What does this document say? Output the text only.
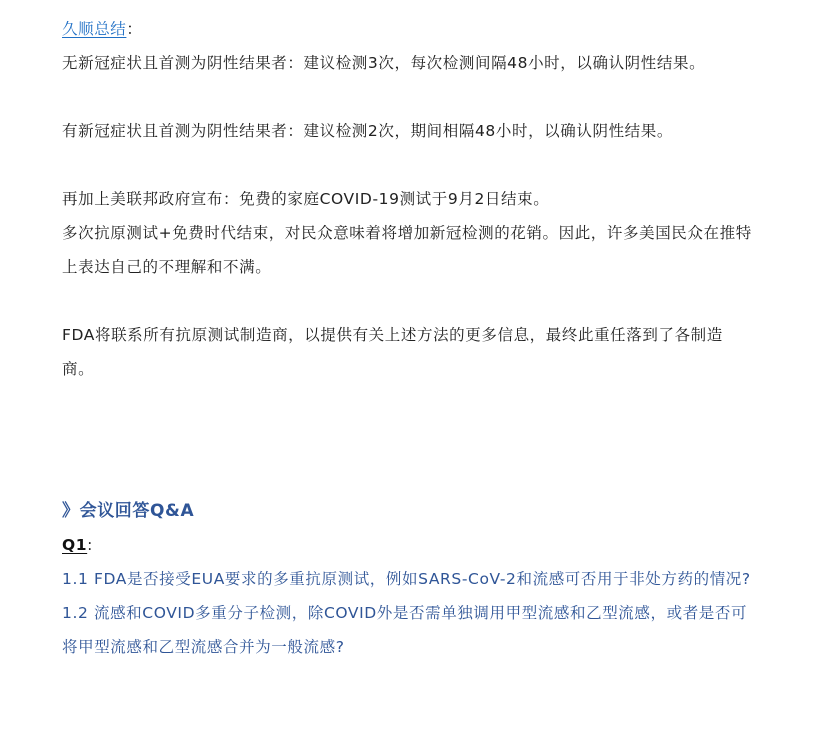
久顺总结：

无新冠症状且首测为阴性结果者：建议检测3次，每次检测间隔48小时，以确认阴性结果。

有新冠症状且首测为阴性结果者：建议检测2次，期间相隔48小时，以确认阴性结果。

再加上美联邦政府宣布：免费的家庭COVID-19测试于9月2日结束。

多次抗原测试+免费时代结束，对民众意味着将增加新冠检测的花销。因此，许多美国民众在推特上表达自己的不理解和不满。

FDA将联系所有抗原测试制造商，以提供有关上述方法的更多信息，最终此重任落到了各制造商。

》会议回答Q&A

Q1:

1.1 FDA是否接受EUA要求的多重抗原测试，例如SARS-CoV-2和流感可否用于非处方药的情况?

1.2 流感和COVID多重分子检测，除COVID外是否需单独调用甲型流感和乙型流感，或者是否可将甲型流感和乙型流感合并为一般流感?
